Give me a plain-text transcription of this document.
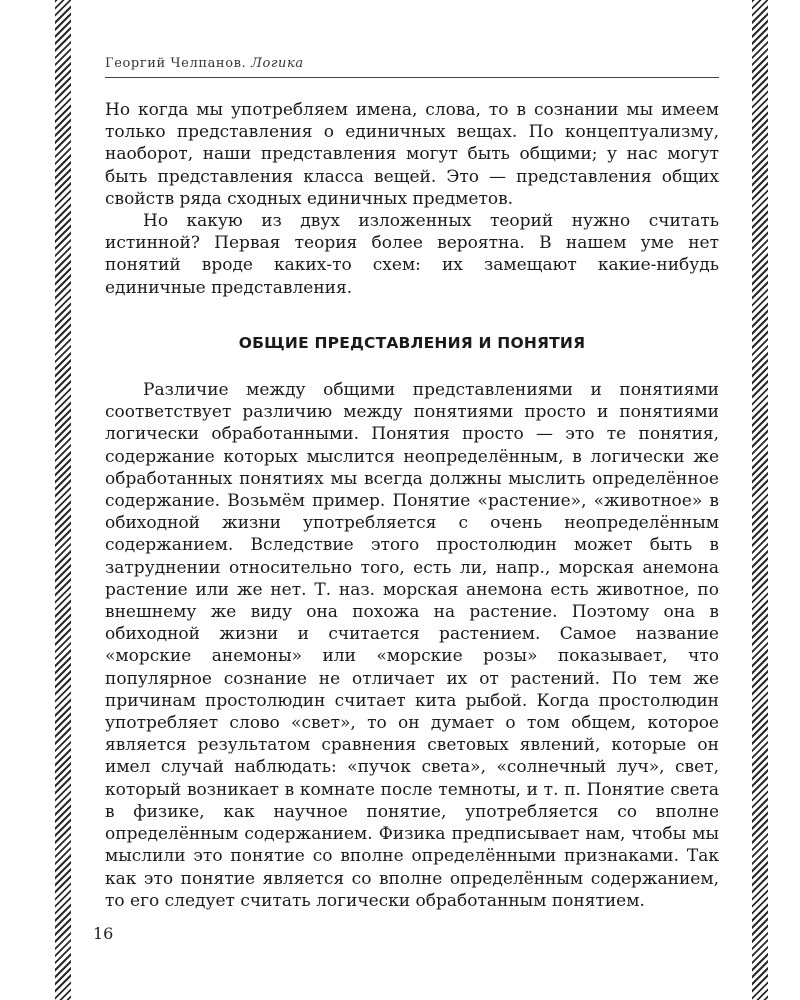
Георгий Челпанов. Логика

Но когда мы употребляем имена, слова, то в сознании мы имеем только представления о единичных вещах. По концептуализму, наоборот, наши представления могут быть общими; у нас могут быть представления класса вещей. Это — представления общих свойств ряда сходных единичных предметов.

Но какую из двух изложенных теорий нужно считать истинной? Первая теория более вероятна. В нашем уме нет понятий вроде каких-то схем: их замещают какие-нибудь единичные представления.

ОБЩИЕ ПРЕДСТАВЛЕНИЯ И ПОНЯТИЯ

Различие между общими представлениями и понятиями соответствует различию между понятиями просто и понятиями логически обработанными. Понятия просто — это те понятия, содержание которых мыслится неопределённым, в логически же обработанных понятиях мы всегда должны мыслить определённое содержание. Возьмём пример. Понятие «растение», «животное» в обиходной жизни употребляется с очень неопределённым содержанием. Вследствие этого простолюдин может быть в затруднении относительно того, есть ли, напр., морская анемона растение или же нет. Т. наз. морская анемона есть животное, по внешнему же виду она похожа на растение. Поэтому она в обиходной жизни и считается растением. Самое название «морские анемоны» или «морские розы» показывает, что популярное сознание не отличает их от растений. По тем же причинам простолюдин считает кита рыбой. Когда простолюдин употребляет слово «свет», то он думает о том общем, которое является результатом сравнения световых явлений, которые он имел случай наблюдать: «пучок света», «солнечный луч», свет, который возникает в комнате после темноты, и т. п. Понятие света в физике, как научное понятие, употребляется со вполне определённым содержанием. Физика предписывает нам, чтобы мы мыслили это понятие со вполне определёнными признаками. Так как это понятие является со вполне определённым содержанием, то его следует считать логически обработанным понятием.

16
